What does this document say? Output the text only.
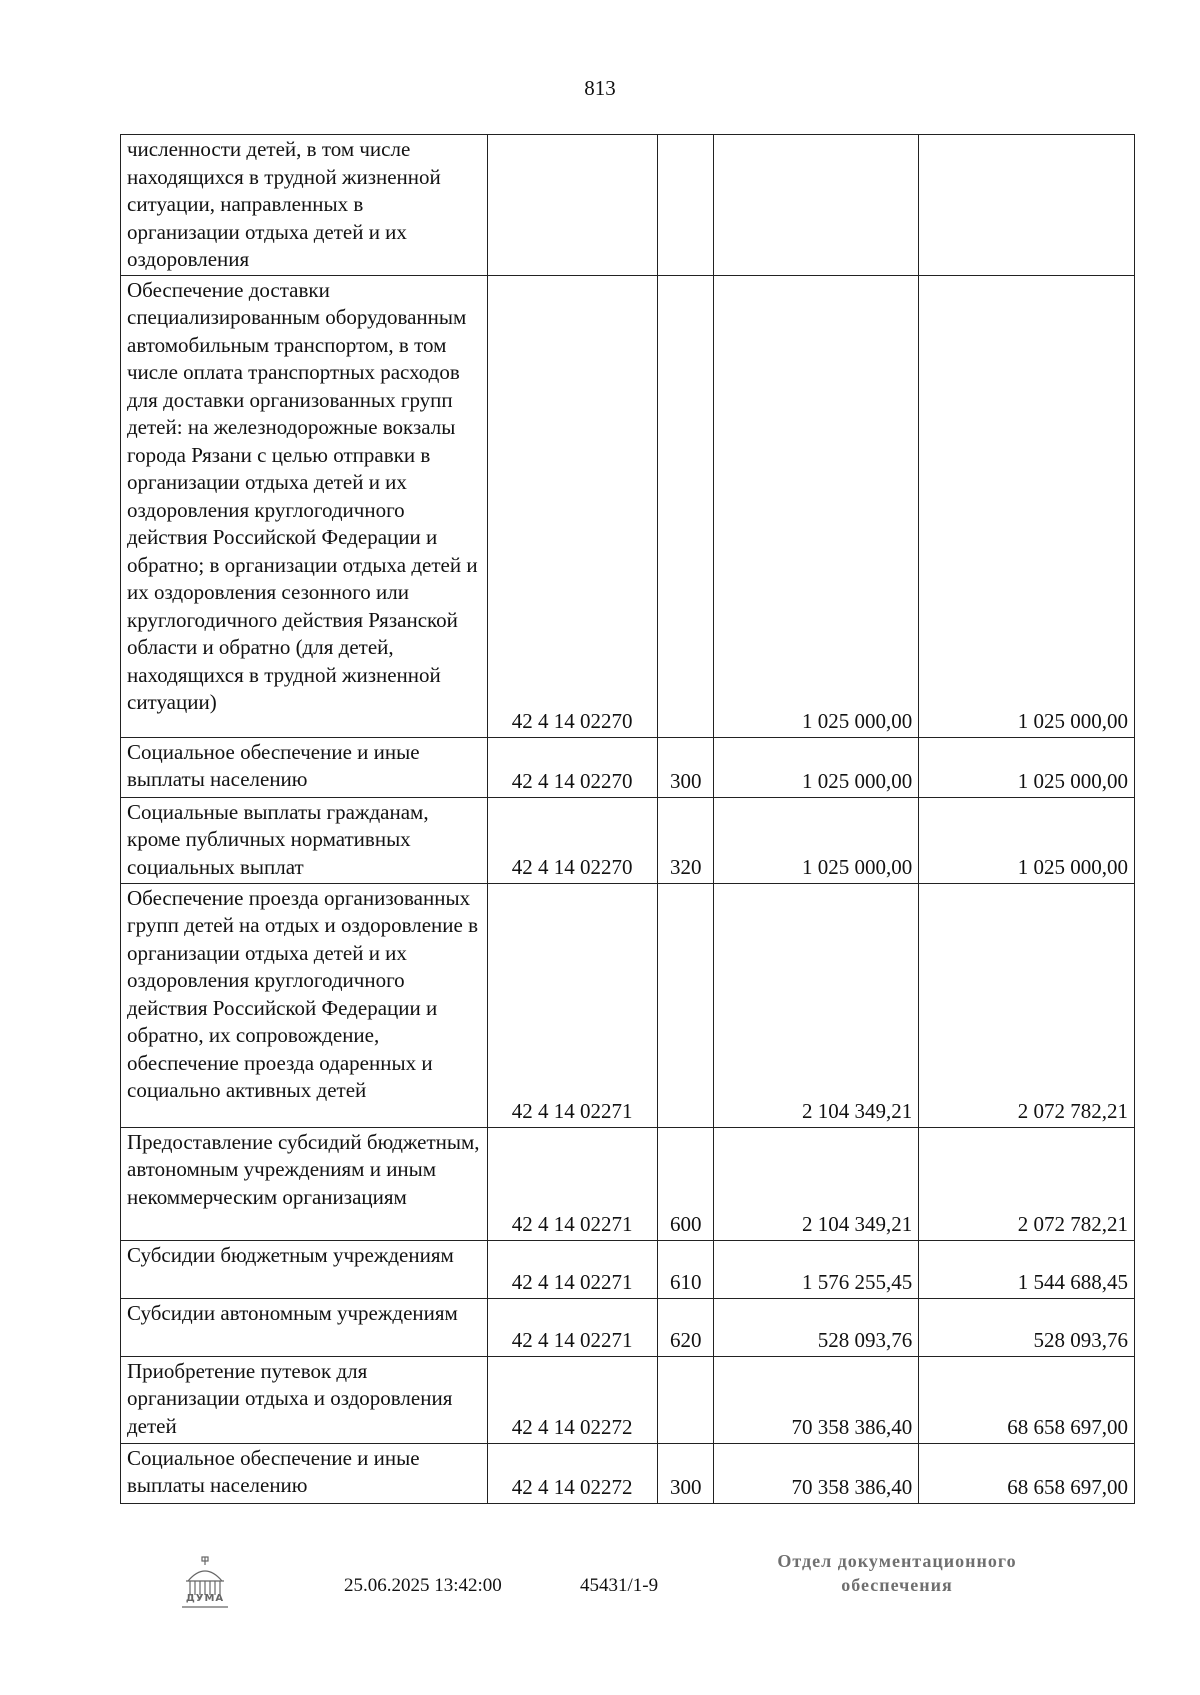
813
численности детей, в том числе находящихся в трудной жизненной ситуации, направленных в организации отдыха детей и их оздоровления				
Обеспечение доставки специализированным оборудованным автомобильным транспортом, в том числе оплата транспортных расходов для доставки организованных групп детей: на железнодорожные вокзалы города Рязани с целью отправки в организации отдыха детей и их оздоровления круглогодичного действия Российской Федерации и обратно; в организации отдыха детей и их оздоровления сезонного или круглогодичного действия Рязанской области и обратно (для детей, находящихся в трудной жизненной ситуации)	42 4 14 02270		1 025 000,00	1 025 000,00
Социальное обеспечение и иные выплаты населению	42 4 14 02270	300	1 025 000,00	1 025 000,00
Социальные выплаты гражданам, кроме публичных нормативных социальных выплат	42 4 14 02270	320	1 025 000,00	1 025 000,00
Обеспечение проезда организованных групп детей на отдых и оздоровление в организации отдыха детей и их оздоровления круглогодичного действия Российской Федерации и обратно, их сопровождение, обеспечение проезда одаренных и социально активных детей	42 4 14 02271		2 104 349,21	2 072 782,21
Предоставление субсидий бюджетным, автономным учреждениям и иным некоммерческим организациям	42 4 14 02271	600	2 104 349,21	2 072 782,21
Субсидии бюджетным учреждениям	42 4 14 02271	610	1 576 255,45	1 544 688,45
Субсидии автономным учреждениям	42 4 14 02271	620	528 093,76	528 093,76
Приобретение путевок для организации отдыха и оздоровления детей	42 4 14 02272		70 358 386,40	68 658 697,00
Социальное обеспечение и иные выплаты населению	42 4 14 02272	300	70 358 386,40	68 658 697,00
ДУМА
25.06.2025 13:42:00	45431/1-9
Отдел документационного
обеспечения
